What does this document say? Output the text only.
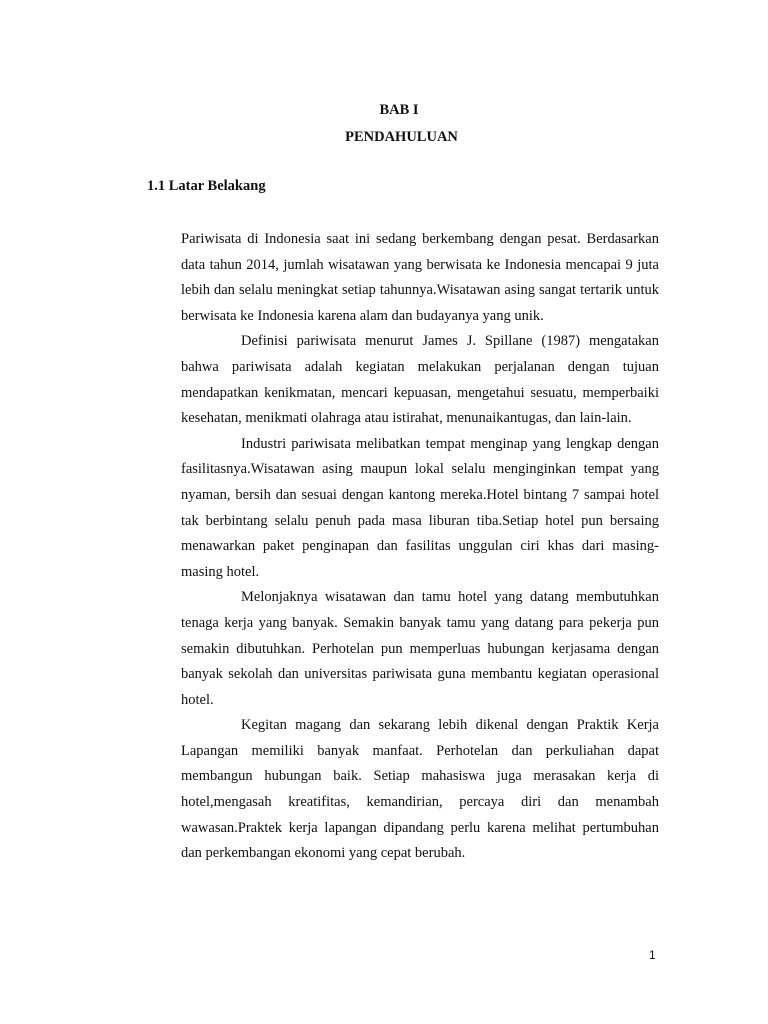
BAB I
PENDAHULUAN
1.1 Latar Belakang

Pariwisata di Indonesia saat ini sedang berkembang dengan pesat. Berdasarkan data tahun 2014, jumlah wisatawan yang berwisata ke Indonesia mencapai 9 juta lebih dan selalu meningkat setiap tahunnya.Wisatawan asing sangat tertarik untuk berwisata ke Indonesia karena alam dan budayanya yang unik.

Definisi pariwisata menurut James J. Spillane (1987) mengatakan bahwa pariwisata adalah kegiatan melakukan perjalanan dengan tujuan mendapatkan kenikmatan, mencari kepuasan, mengetahui sesuatu, memperbaiki kesehatan, menikmati olahraga atau istirahat, menunaikantugas, dan lain-lain.

Industri pariwisata melibatkan tempat menginap yang lengkap dengan fasilitasnya.Wisatawan asing maupun lokal selalu menginginkan tempat yang nyaman, bersih dan sesuai dengan kantong mereka.Hotel bintang 7 sampai hotel tak berbintang selalu penuh pada masa liburan tiba.Setiap hotel pun bersaing menawarkan paket penginapan dan fasilitas unggulan ciri khas dari masing-masing hotel.

Melonjaknya wisatawan dan tamu hotel yang datang membutuhkan tenaga kerja yang banyak. Semakin banyak tamu yang datang para pekerja pun semakin dibutuhkan. Perhotelan pun memperluas hubungan kerjasama dengan banyak sekolah dan universitas pariwisata guna membantu kegiatan operasional hotel.

Kegitan magang dan sekarang lebih dikenal dengan Praktik Kerja Lapangan memiliki banyak manfaat. Perhotelan dan perkuliahan dapat membangun hubungan baik. Setiap mahasiswa juga merasakan kerja di hotel,mengasah kreatifitas, kemandirian, percaya diri dan menambah wawasan.Praktek kerja lapangan dipandang perlu karena melihat pertumbuhan dan perkembangan ekonomi yang cepat berubah.

1
